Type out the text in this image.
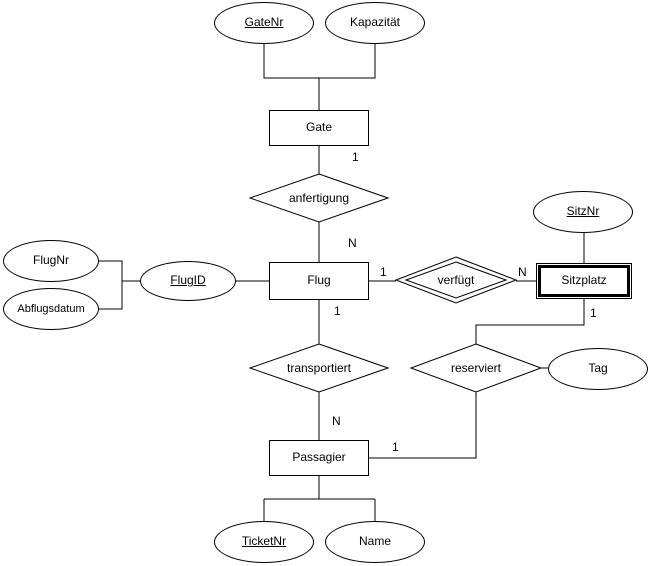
GateNr	Kapazität
SitzNr
FlugNr
Abflugsdatum
FlugID
Tag
TicketNr	Name
Gate
Flug	Sitzplatz
Passagier
anfertigung
verfügt
transportiert	reserviert
1
N
1	N
1
N
1
1
